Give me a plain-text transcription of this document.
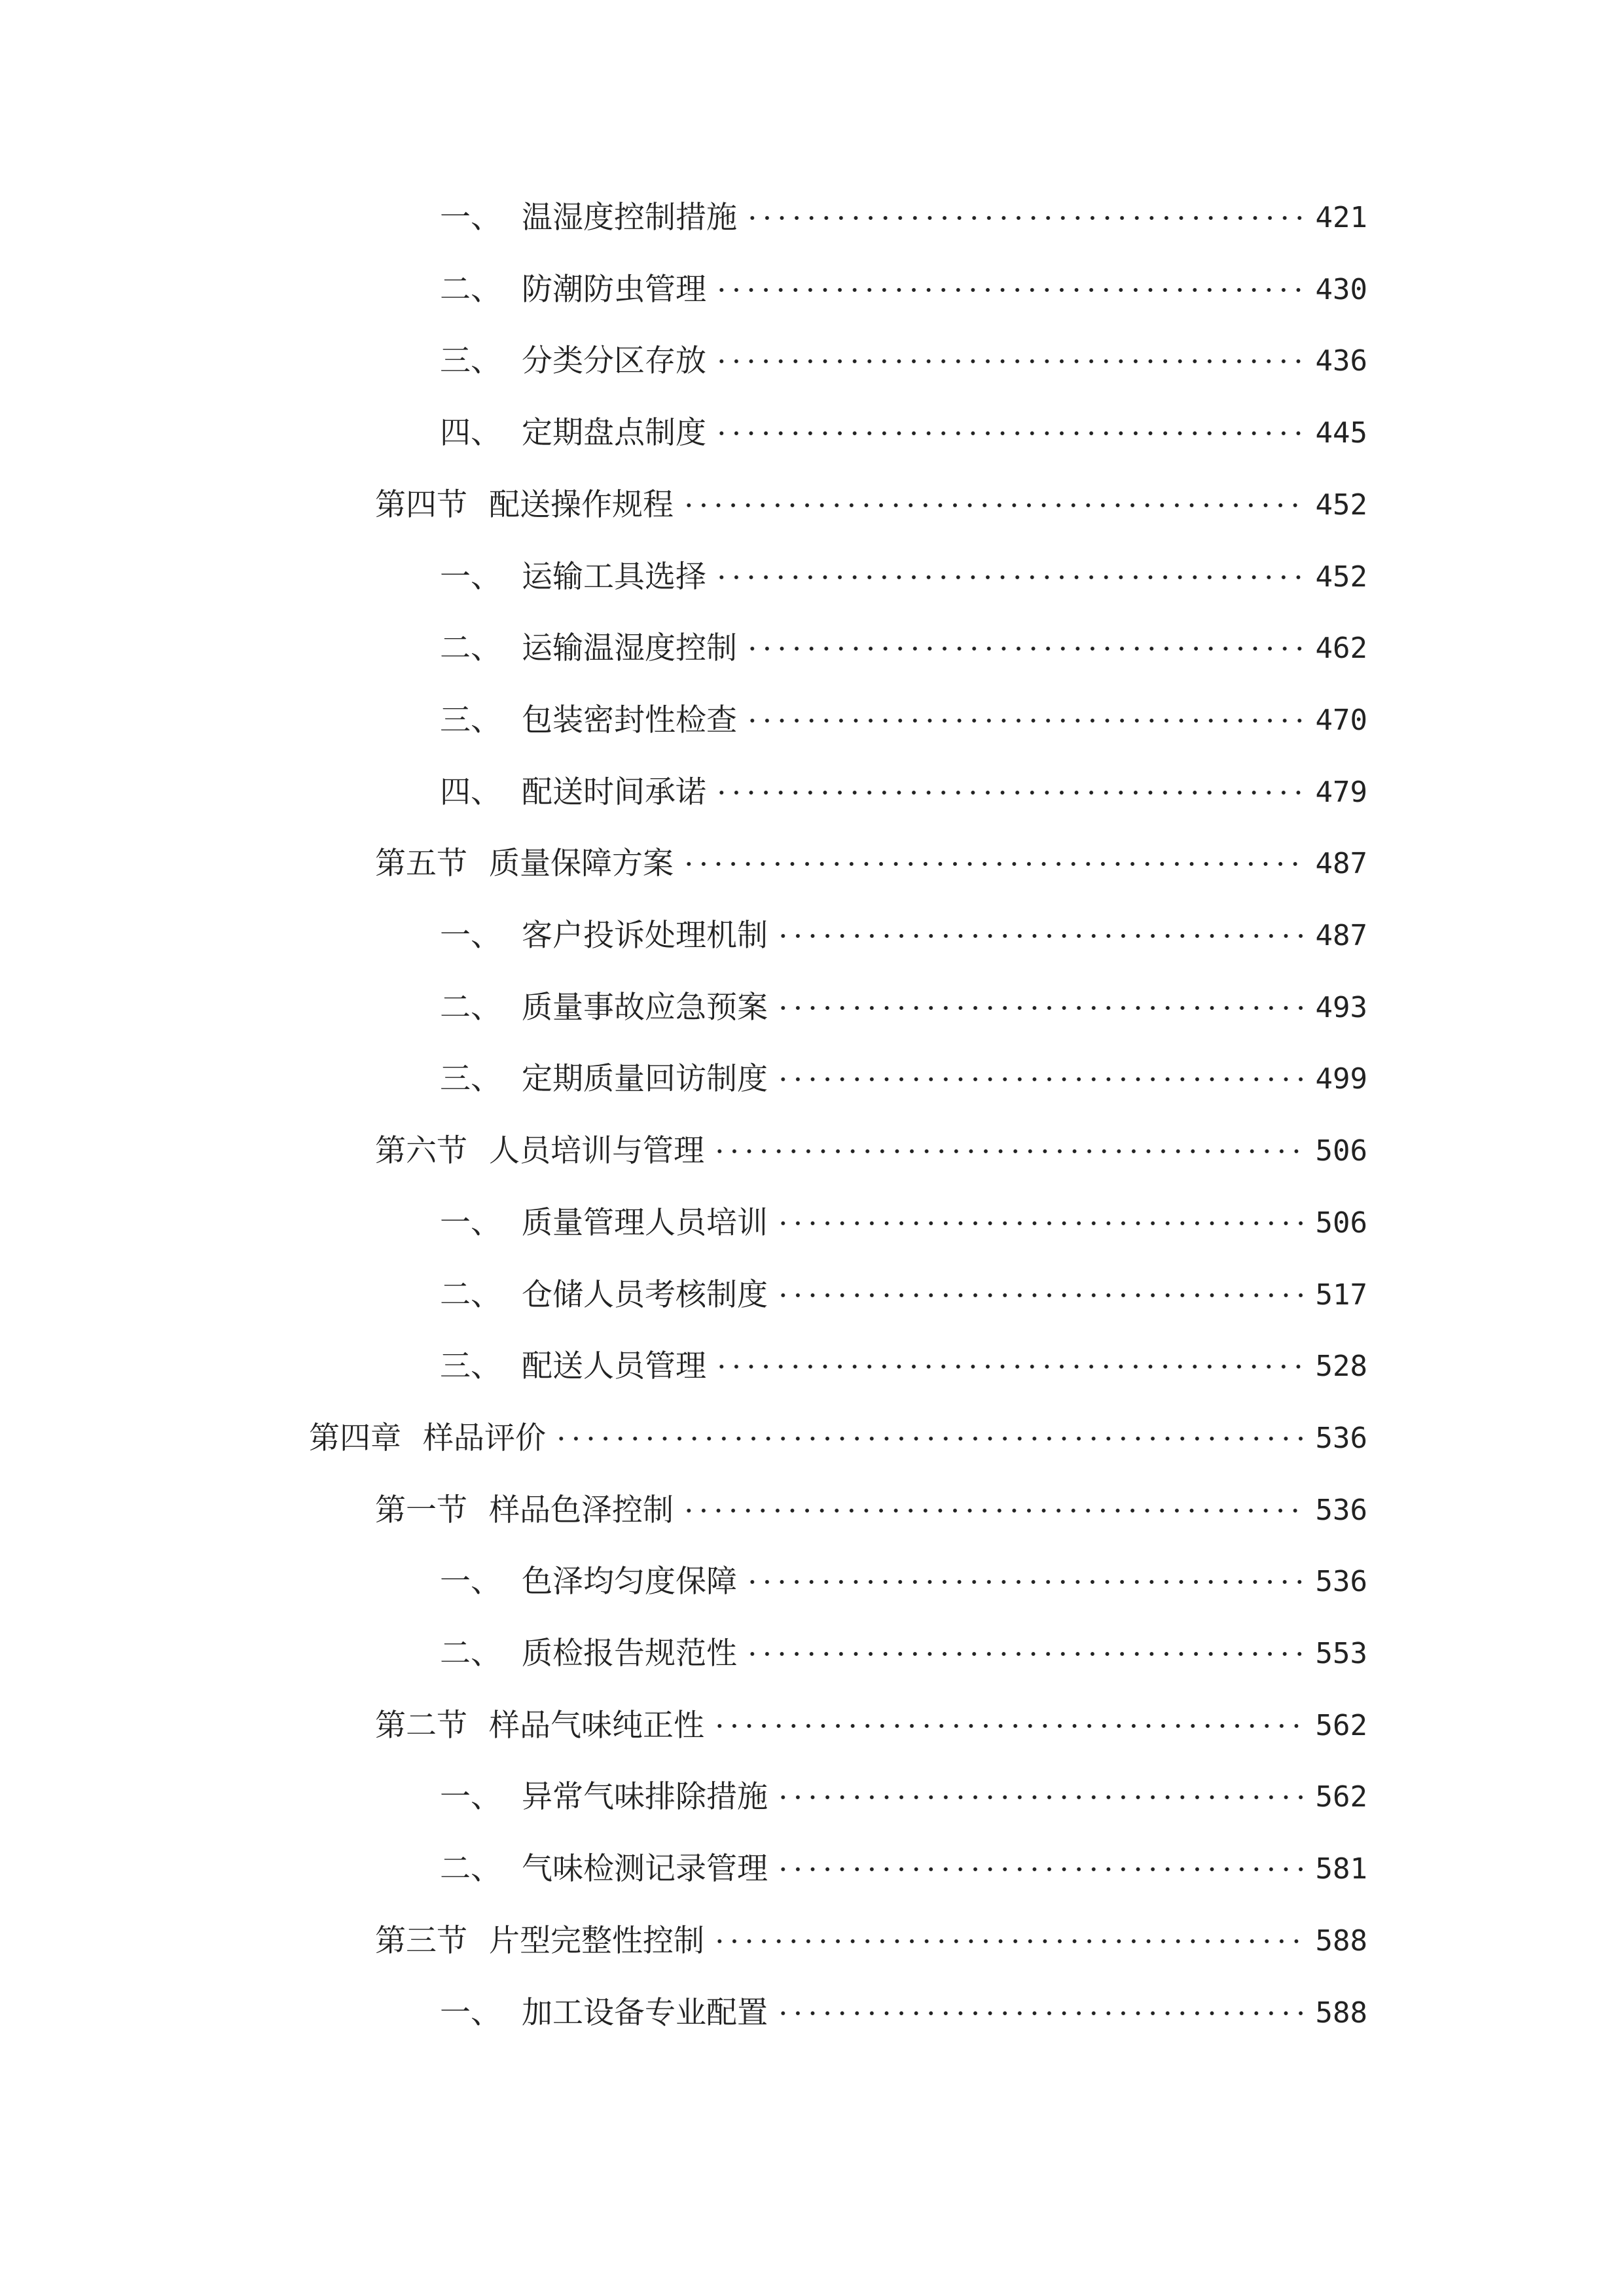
一、 温湿度控制措施	421
二、 防潮防虫管理	430
三、 分类分区存放	436
四、 定期盘点制度	445
第四节 配送操作规程	452
一、 运输工具选择	452
二、 运输温湿度控制	462
三、 包装密封性检查	470
四、 配送时间承诺	479
第五节 质量保障方案	487
一、 客户投诉处理机制	487
二、 质量事故应急预案	493
三、 定期质量回访制度	499
第六节 人员培训与管理	506
一、 质量管理人员培训	506
二、 仓储人员考核制度	517
三、 配送人员管理	528
第四章 样品评价	536
第一节 样品色泽控制	536
一、 色泽均匀度保障	536
二、 质检报告规范性	553
第二节 样品气味纯正性	562
一、 异常气味排除措施	562
二、 气味检测记录管理	581
第三节 片型完整性控制	588
一、 加工设备专业配置	588
